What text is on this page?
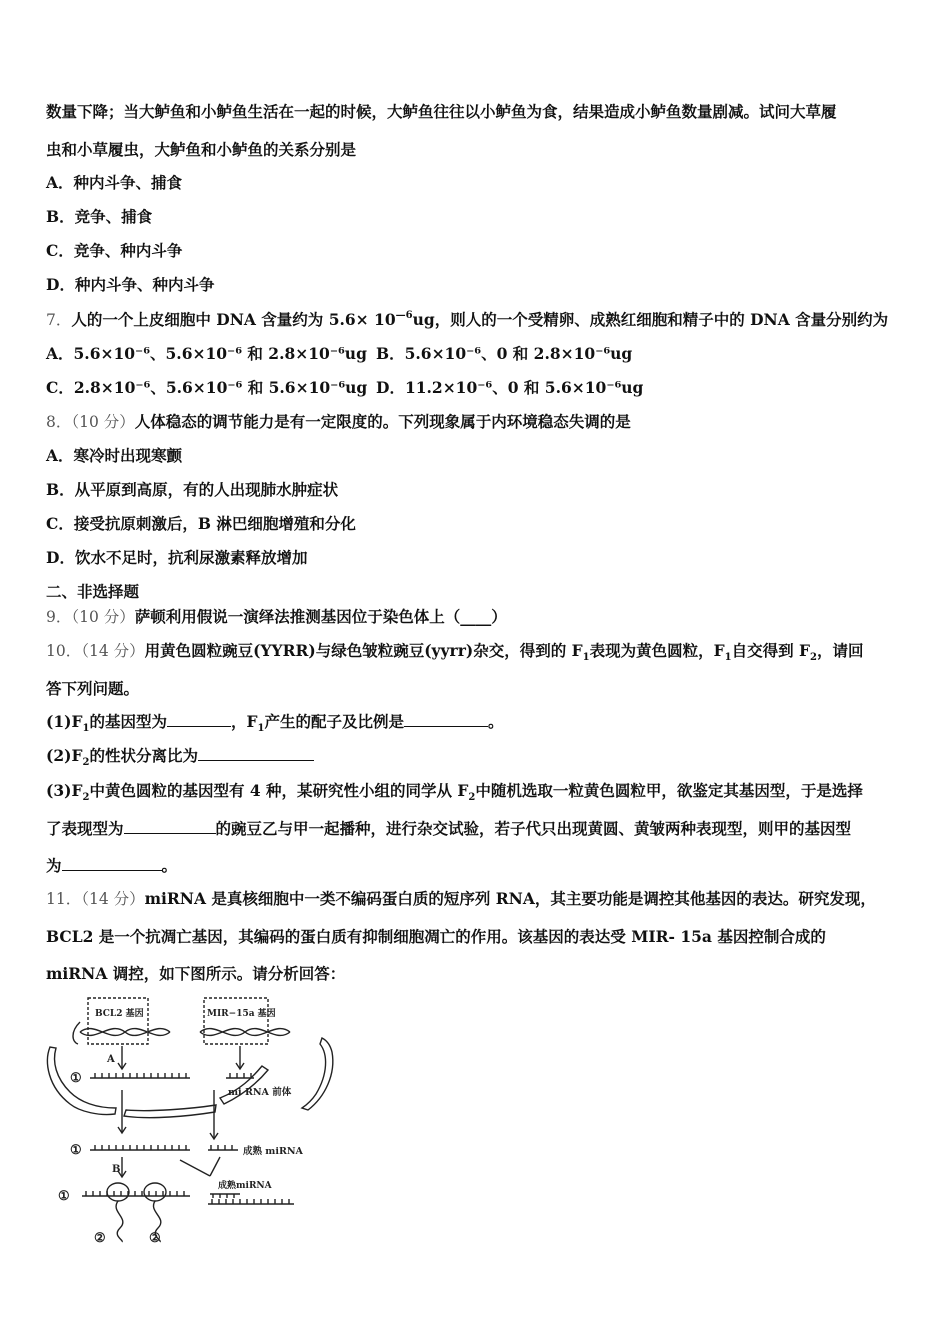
数量下降；当大鲈鱼和小鲈鱼生活在一起的时候，大鲈鱼往往以小鲈鱼为食，结果造成小鲈鱼数量剧减。试问大草履
虫和小草履虫，大鲈鱼和小鲈鱼的关系分别是
A．种内斗争、捕食
B．竞争、捕食
C．竞争、种内斗争
D．种内斗争、种内斗争
7．人的一个上皮细胞中 DNA 含量约为 $5.6\times 10^{—6}ug$，则人的一个受精卵、成熟红细胞和精子中的 DNA 含量分别约为
A．5.6×10⁻⁶、5.6×10⁻⁶ 和 2.8×10⁻⁶ug B．5.6×10⁻⁶、0 和 2.8×10⁻⁶ug
C．2.8×10⁻⁶、5.6×10⁻⁶ 和 5.6×10⁻⁶ug D．11.2×10⁻⁶、0 和 5.6×10⁻⁶ug
8．（10 分）人体稳态的调节能力是有一定限度的。下列现象属于内环境稳态失调的是
A．寒冷时出现寒颤
B．从平原到高原，有的人出现肺水肿症状
C．接受抗原刺激后，B 淋巴细胞增殖和分化
D．饮水不足时，抗利尿激素释放增加
二、非选择题
9．（10 分）萨顿利用假说一演绎法推测基因位于染色体上（____）
10．（14 分）用黄色圆粒豌豆(YYRR)与绿色皱粒豌豆(yyrr)杂交，得到的 $F_1$表现为黄色圆粒，$F_1$自交得到 $F_2$，请回
答下列问题。
$(1)F_1$的基因型为	，$F_1$产生的配子及比例是	。
$(2)F_2$的性状分离比为
$(3)F_2$中黄色圆粒的基因型有 4 种，某研究性小组的同学从 $F_2$中随机选取一粒黄色圆粒甲，欲鉴定其基因型，于是选择
了表现型为	的豌豆乙与甲一起播种，进行杂交试验，若子代只出现黄圆、黄皱两种表现型，则甲的基因型
为	。
11．（14 分）miRNA 是真核细胞中一类不编码蛋白质的短序列 RNA，其主要功能是调控其他基因的表达。研究发现，
BCL2 是一个抗凋亡基因，其编码的蛋白质有抑制细胞凋亡的作用。该基因的表达受 MIR- 15a 基因控制合成的
miRNA 调控，如下图所示。请分析回答：
BCL2 基因	MIR−15a 基因
A
①
mi RNA 前体
①	成熟 miRNA
B
成熟miRNA
①
②	②
